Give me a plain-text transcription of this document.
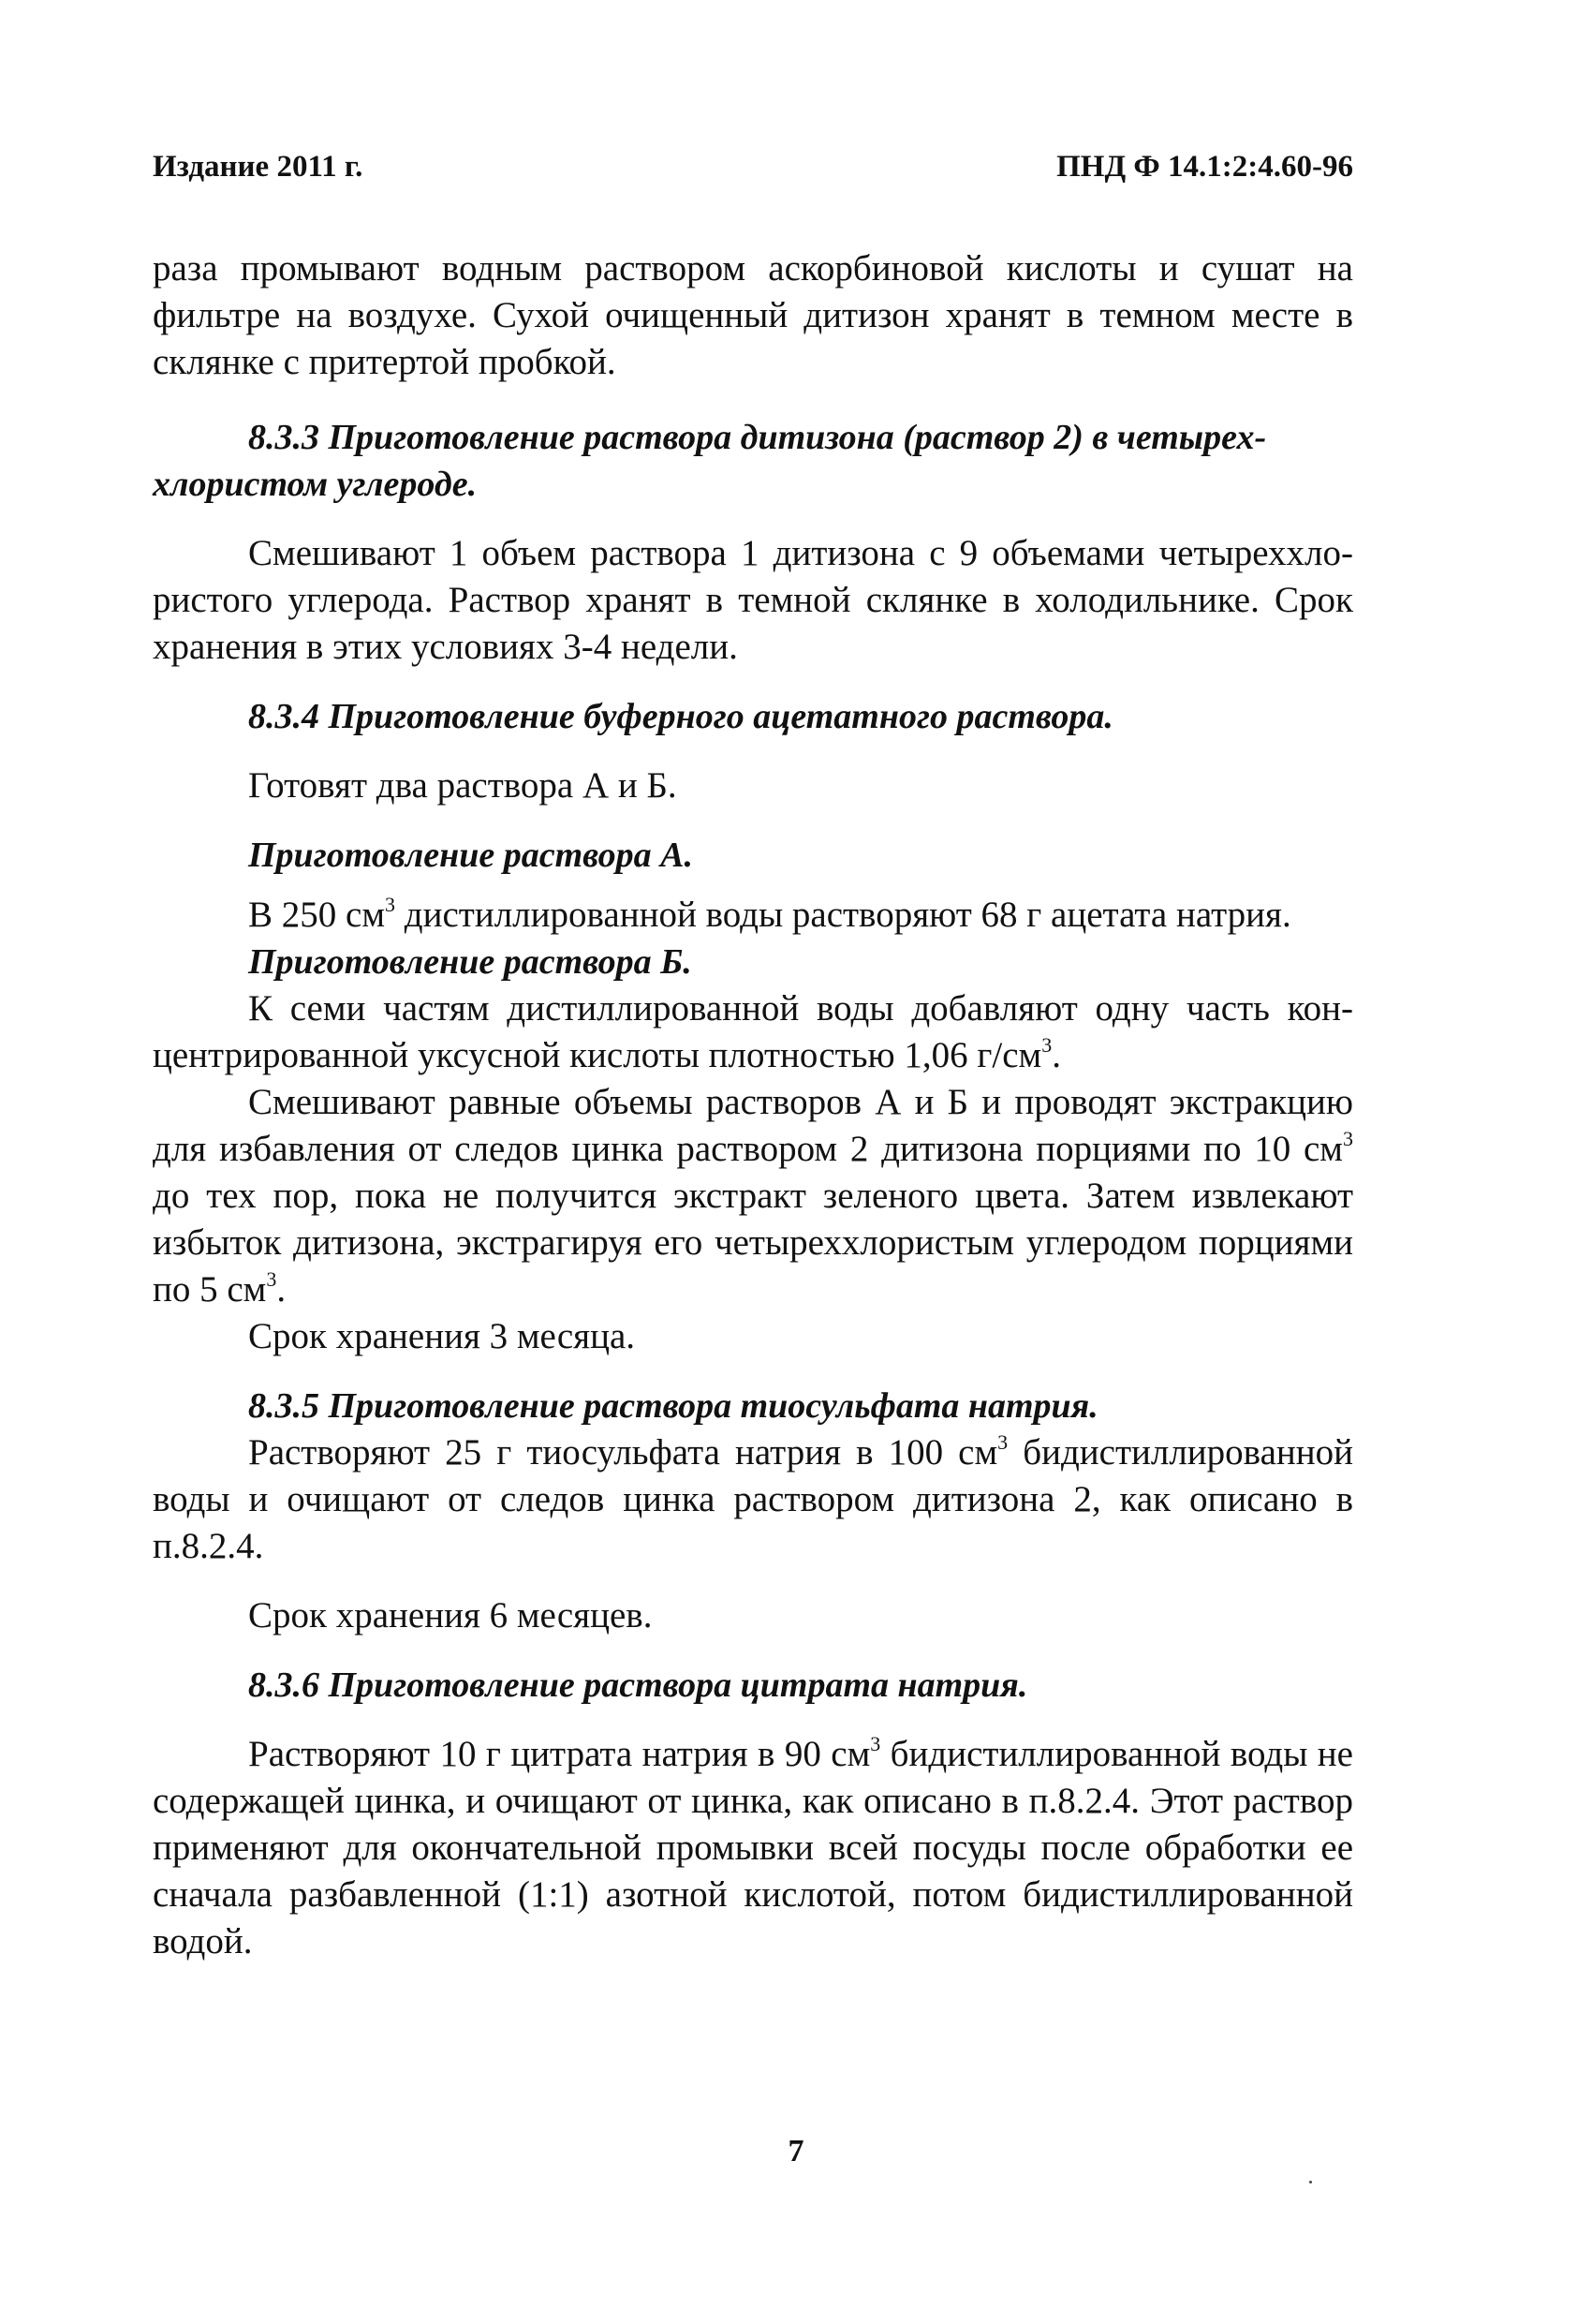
Издание 2011 г.	ПНД Ф 14.1:2:4.60-96

раза промывают водным раствором аскорбиновой кислоты и сушат на фильтре на воздухе. Сухой очищенный дитизон хранят в темном месте в склянке с притертой пробкой.

8.3.3 Приготовление раствора дитизона (раствор 2) в четыреххлористом углероде.

Смешивают 1 объем раствора 1 дитизона с 9 объемами четыреххлористого углерода. Раствор хранят в темной склянке в холодильнике. Срок хранения в этих условиях 3-4 недели.

8.3.4 Приготовление буферного ацетатного раствора.

Готовят два раствора А и Б.

Приготовление раствора А.

В 250 $см^3$ дистиллированной воды растворяют 68 г ацетата натрия.

Приготовление раствора Б.

К семи частям дистиллированной воды добавляют одну часть концентрированной уксусной кислоты плотностью 1,06 $г/см^3$.

Смешивают равные объемы растворов А и Б и проводят экстракцию для избавления от следов цинка раствором 2 дитизона порциями по 10 $см^3$ до тех пор, пока не получится экстракт зеленого цвета. Затем извлекают избыток дитизона, экстрагируя его четыреххлористым углеродом порциями по 5 $см^3$.

Срок хранения 3 месяца.

8.3.5 Приготовление раствора тиосульфата натрия.

Растворяют 25 г тиосульфата натрия в 100 $см^3$ бидистиллированной воды и очищают от следов цинка раствором дитизона 2, как описано в п.8.2.4.

Срок хранения 6 месяцев.

8.3.6 Приготовление раствора цитрата натрия.

Растворяют 10 г цитрата натрия в 90 $см^3$ бидистиллированной воды не содержащей цинка, и очищают от цинка, как описано в п.8.2.4. Этот раствор применяют для окончательной промывки всей посуды после обработки ее сначала разбавленной (1:1) азотной кислотой, потом бидистиллированной водой.

7
